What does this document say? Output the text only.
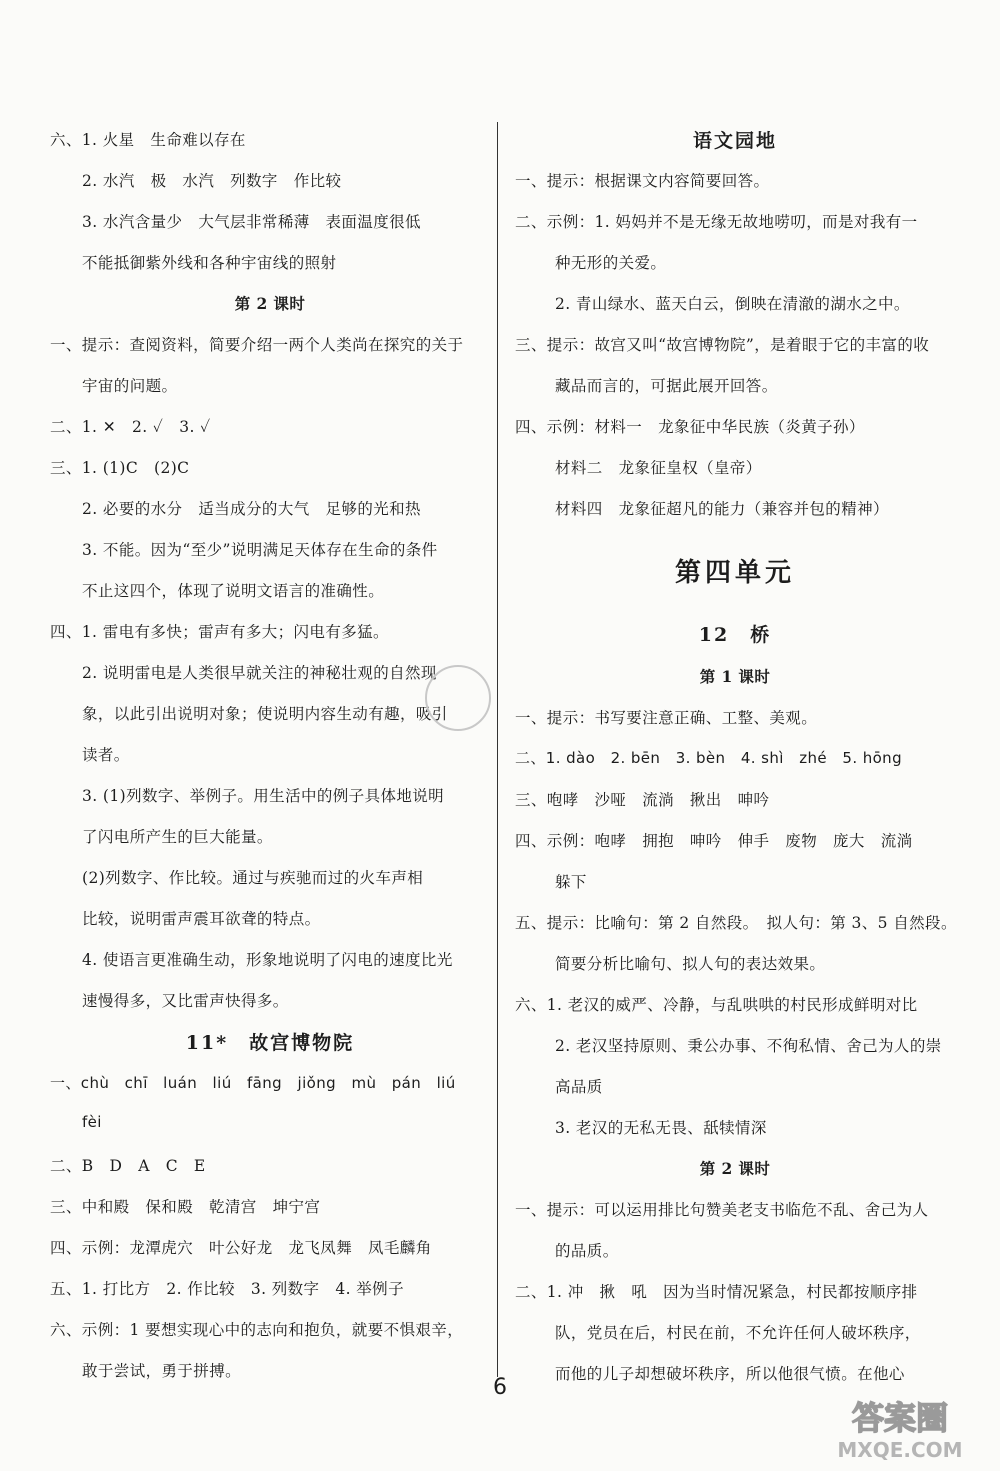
六、1. 火星　生命难以存在
2. 水汽　极　水汽　列数字　作比较
3. 水汽含量少　大气层非常稀薄　表面温度很低
不能抵御紫外线和各种宇宙线的照射
第 2 课时
一、提示：查阅资料，简要介绍一两个人类尚在探究的关于
宇宙的问题。
二、1. ✕　2. ✓　3. ✓
三、1. (1)C　(2)C
2. 必要的水分　适当成分的大气　足够的光和热
3. 不能。因为“至少”说明满足天体存在生命的条件
不止这四个，体现了说明文语言的准确性。
四、1. 雷电有多快；雷声有多大；闪电有多猛。
2. 说明雷电是人类很早就关注的神秘壮观的自然现
象，以此引出说明对象；使说明内容生动有趣，吸引
读者。
3. (1)列数字、举例子。用生活中的例子具体地说明
了闪电所产生的巨大能量。
(2)列数字、作比较。通过与疾驰而过的火车声相
比较，说明雷声震耳欲聋的特点。
4. 使语言更准确生动，形象地说明了闪电的速度比光
速慢得多，又比雷声快得多。
11*　故宫博物院
一、chù　chī　luán　liú　fāng　jiǒng　mù　pán　liú
fèi
二、B　D　A　C　E
三、中和殿　保和殿　乾清宫　坤宁宫
四、示例：龙潭虎穴　叶公好龙　龙飞凤舞　凤毛麟角
五、1. 打比方　2. 作比较　3. 列数字　4. 举例子
六、示例：1 要想实现心中的志向和抱负，就要不惧艰辛，
敢于尝试，勇于拼搏。
语文园地
一、提示：根据课文内容简要回答。
二、示例：1. 妈妈并不是无缘无故地唠叨，而是对我有一
种无形的关爱。
2. 青山绿水、蓝天白云，倒映在清澈的湖水之中。
三、提示：故宫又叫“故宫博物院”，是着眼于它的丰富的收
藏品而言的，可据此展开回答。
四、示例：材料一　龙象征中华民族（炎黄子孙）
材料二　龙象征皇权（皇帝）
材料四　龙象征超凡的能力（兼容并包的精神）
第四单元
12　桥
第 1 课时
一、提示：书写要注意正确、工整、美观。
二、1. dào　2. bēn　3. bèn　4. shì　zhé　5. hōng
三、咆哮　沙哑　流淌　揪出　呻吟
四、示例：咆哮　拥抱　呻吟　伸手　废物　庞大　流淌
躲下
五、提示：比喻句：第 2 自然段。　拟人句：第 3、5 自然段。
简要分析比喻句、拟人句的表达效果。
六、1. 老汉的威严、冷静，与乱哄哄的村民形成鲜明对比
2. 老汉坚持原则、秉公办事、不徇私情、舍己为人的崇
高品质
3. 老汉的无私无畏、舐犊情深
第 2 课时
一、提示：可以运用排比句赞美老支书临危不乱、舍己为人
的品质。
二、1. 冲　揪　吼　因为当时情况紧急，村民都按顺序排
队，党员在后，村民在前，不允许任何人破坏秩序，
而他的儿子却想破坏秩序，所以他很气愤。在他心
6
答案圈
MXQE.COM
